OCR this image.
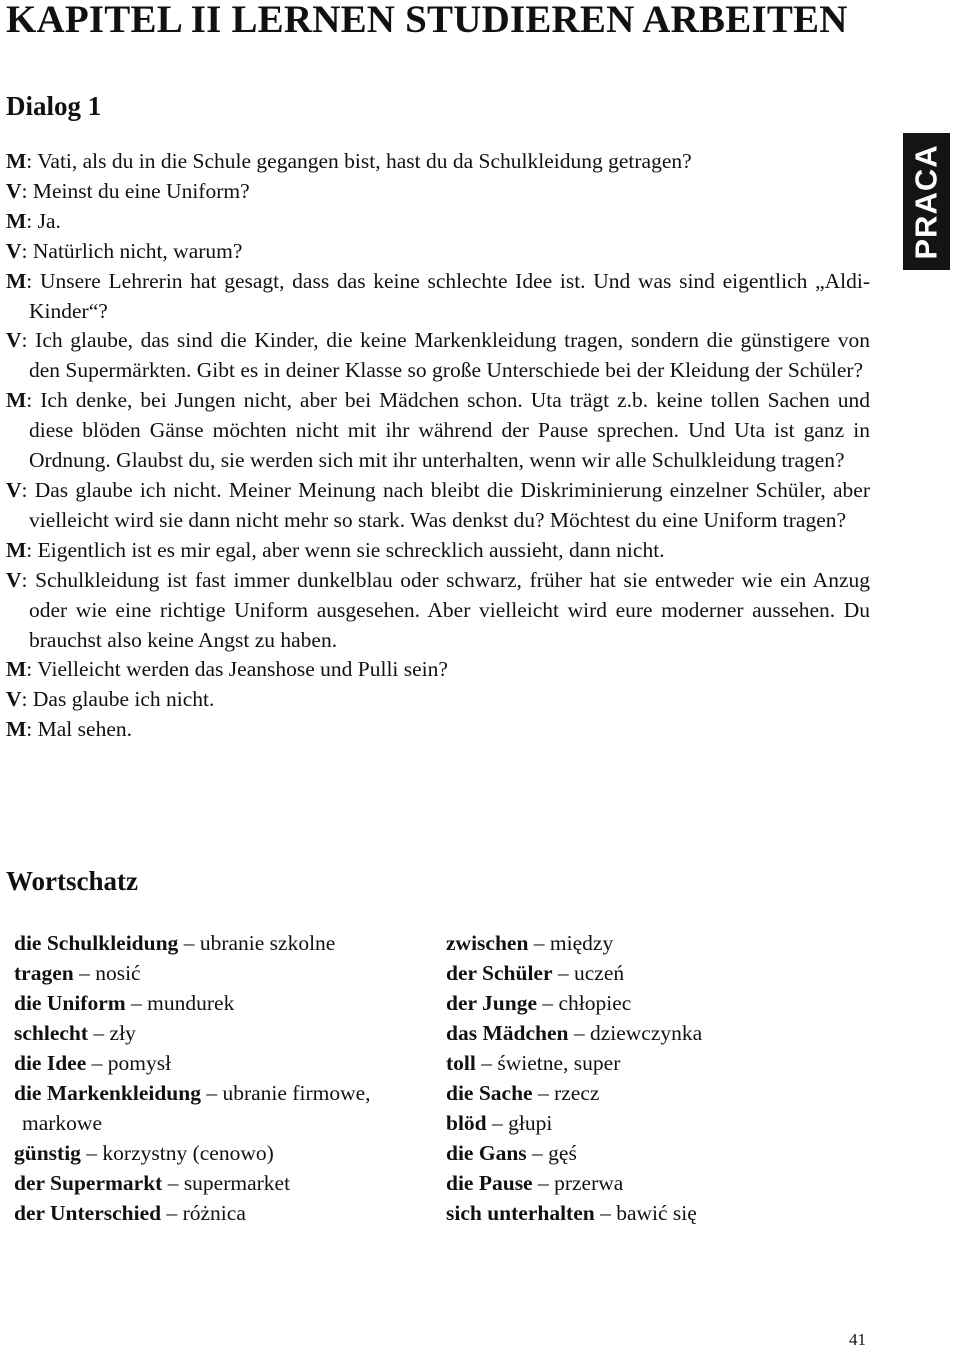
KAPITEL II LERNEN STUDIEREN ARBEITEN
Dialog 1
M: Vati, als du in die Schule gegangen bist, hast du da Schulkleidung getragen?
V: Meinst du eine Uniform?
M: Ja.
V: Natürlich nicht, warum?
M: Unsere Lehrerin hat gesagt, dass das keine schlechte Idee ist. Und was sind eigentlich „Aldi-Kinder“?
V: Ich glaube, das sind die Kinder, die keine Markenkleidung tragen, sondern die günstigere von den Supermärkten. Gibt es in deiner Klasse so große Unterschiede bei der Kleidung der Schüler?
M: Ich denke, bei Jungen nicht, aber bei Mädchen schon. Uta trägt z.b. keine tollen Sachen und diese blöden Gänse möchten nicht mit ihr während der Pause sprechen. Und Uta ist ganz in Ordnung. Glaubst du, sie werden sich mit ihr unterhalten, wenn wir alle Schulkleidung tragen?
V: Das glaube ich nicht. Meiner Meinung nach bleibt die Diskriminierung einzelner Schüler, aber vielleicht wird sie dann nicht mehr so stark. Was denkst du? Möchtest du eine Uniform tragen?
M: Eigentlich ist es mir egal, aber wenn sie schrecklich aussieht, dann nicht.
V: Schulkleidung ist fast immer dunkelblau oder schwarz, früher hat sie entweder wie ein Anzug oder wie eine richtige Uniform ausgesehen. Aber vielleicht wird eure moderner aussehen. Du brauchst also keine Angst zu haben.
M: Vielleicht werden das Jeanshose und Pulli sein?
V: Das glaube ich nicht.
M: Mal sehen.
Wortschatz
die Schulkleidung – ubranie szkolne
tragen – nosić
die Uniform – mundurek
schlecht – zły
die Idee – pomysł
die Markenkleidung – ubranie firmowe,
markowe
günstig – korzystny (cenowo)
der Supermarkt – supermarket
der Unterschied – różnica
zwischen – między
der Schüler – uczeń
der Junge – chłopiec
das Mädchen – dziewczynka
toll – świetne, super
die Sache – rzecz
blöd – głupi
die Gans – gęś
die Pause – przerwa
sich unterhalten – bawić się
PRACA
41
